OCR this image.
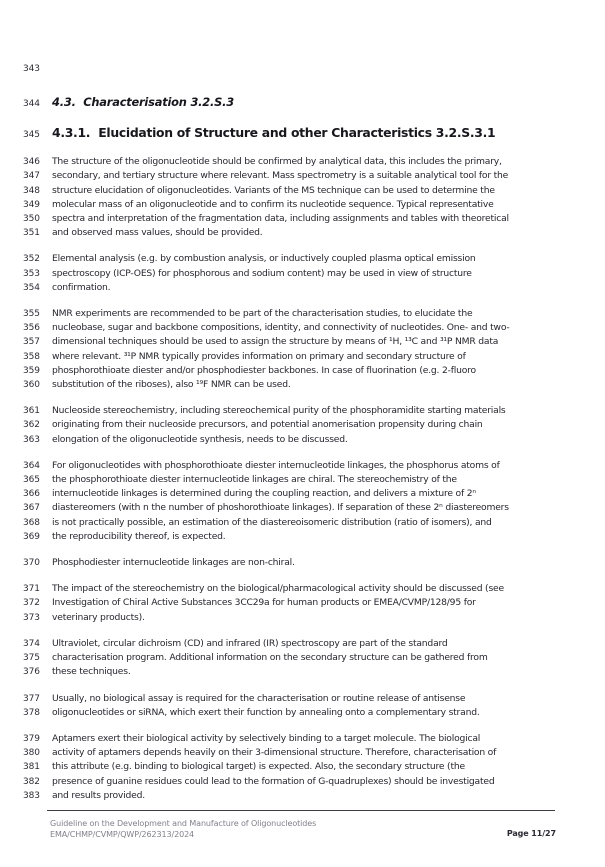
343
344	4.3.  Characterisation 3.2.S.3
345 4.3.1.  Elucidation of Structure and other Characteristics 3.2.S.3.1
346	The structure of the oligonucleotide should be confirmed by analytical data, this includes the primary,
347	secondary, and tertiary structure where relevant. Mass spectrometry is a suitable analytical tool for the
348	structure elucidation of oligonucleotides. Variants of the MS technique can be used to determine the
349	molecular mass of an oligonucleotide and to confirm its nucleotide sequence. Typical representative
350	spectra and interpretation of the fragmentation data, including assignments and tables with theoretical
351	and observed mass values, should be provided.
352	Elemental analysis (e.g. by combustion analysis, or inductively coupled plasma optical emission
353	spectroscopy (ICP-OES) for phosphorous and sodium content) may be used in view of structure
354	confirmation.
355	NMR experiments are recommended to be part of the characterisation studies, to elucidate the
356	nucleobase, sugar and backbone compositions, identity, and connectivity of nucleotides. One- and two-
357	dimensional techniques should be used to assign the structure by means of ¹H, ¹³C and ³¹P NMR data
358	where relevant. ³¹P NMR typically provides information on primary and secondary structure of
359	phosphorothioate diester and/or phosphodiester backbones. In case of fluorination (e.g. 2-fluoro
360	substitution of the riboses), also ¹⁹F NMR can be used.
361	Nucleoside stereochemistry, including stereochemical purity of the phosphoramidite starting materials
362	originating from their nucleoside precursors, and potential anomerisation propensity during chain
363	elongation of the oligonucleotide synthesis, needs to be discussed.
364	For oligonucleotides with phosphorothioate diester internucleotide linkages, the phosphorus atoms of
365	the phosphorothioate diester internucleotide linkages are chiral. The stereochemistry of the
366	internucleotide linkages is determined during the coupling reaction, and delivers a mixture of 2ⁿ
367	diastereomers (with n the number of phoshorothioate linkages). If separation of these 2ⁿ diastereomers
368	is not practically possible, an estimation of the diastereoisomeric distribution (ratio of isomers), and
369	the reproducibility thereof, is expected.
370	Phosphodiester internucleotide linkages are non-chiral.
371	The impact of the stereochemistry on the biological/pharmacological activity should be discussed (see
372	Investigation of Chiral Active Substances 3CC29a for human products or EMEA/CVMP/128/95 for
373	veterinary products).
374	Ultraviolet, circular dichroism (CD) and infrared (IR) spectroscopy are part of the standard
375	characterisation program. Additional information on the secondary structure can be gathered from
376	these techniques.
377	Usually, no biological assay is required for the characterisation or routine release of antisense
378	oligonucleotides or siRNA, which exert their function by annealing onto a complementary strand.
379	Aptamers exert their biological activity by selectively binding to a target molecule. The biological
380	activity of aptamers depends heavily on their 3-dimensional structure. Therefore, characterisation of
381	this attribute (e.g. binding to biological target) is expected. Also, the secondary structure (the
382	presence of guanine residues could lead to the formation of G-quadruplexes) should be investigated
383	and results provided.
Guideline on the Development and Manufacture of Oligonucleotides
EMA/CHMP/CVMP/QWP/262313/2024	Page 11/27
